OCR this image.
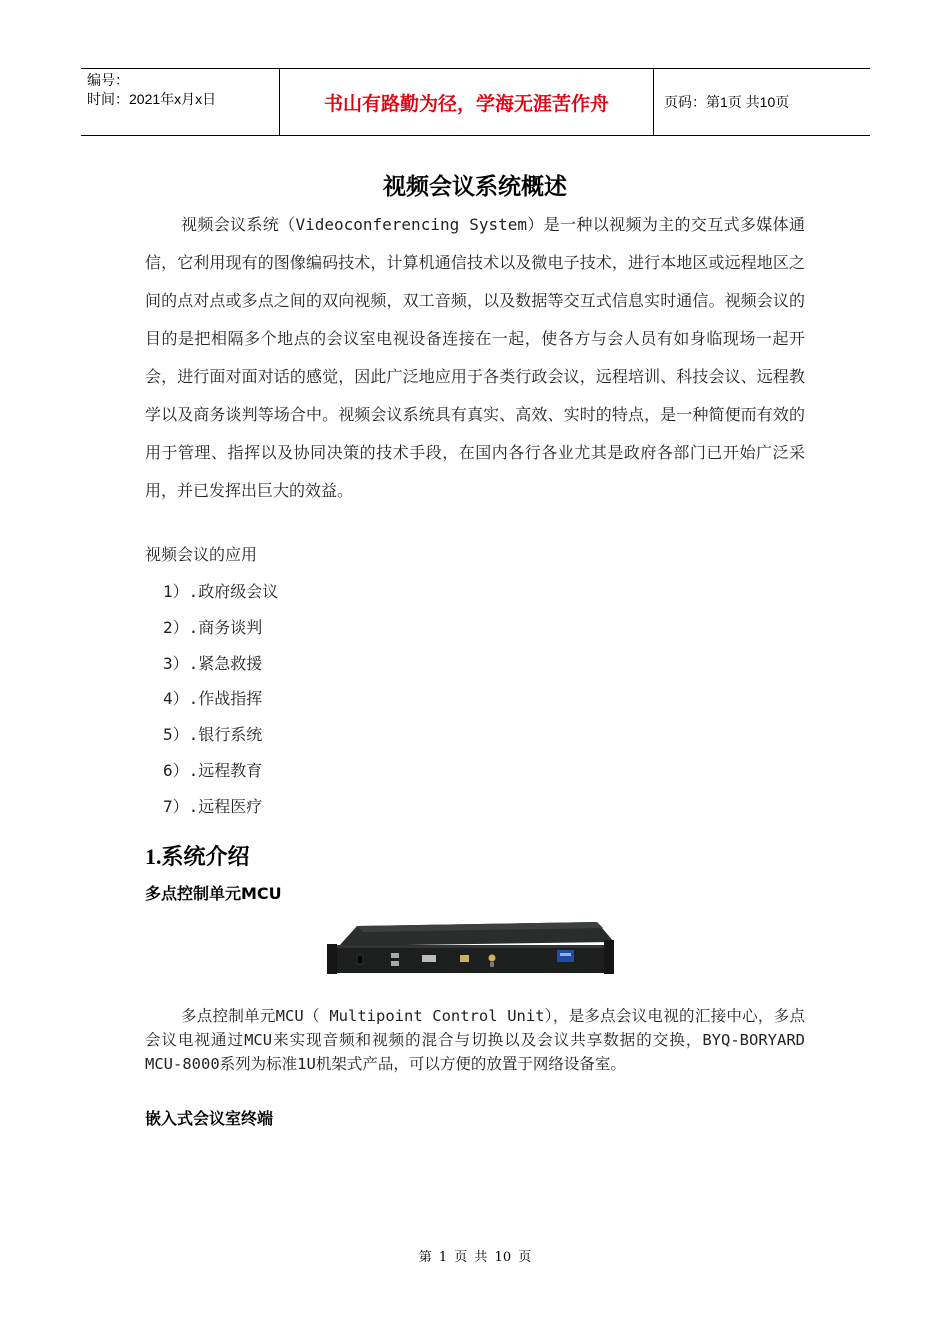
编号：
时间：2021年x月x日	书山有路勤为径，学海无涯苦作舟	页码：第1页 共10页
视频会议系统概述
视频会议系统（Videoconferencing System）是一种以视频为主的交互式多媒体通信，它利用现有的图像编码技术，计算机通信技术以及微电子技术，进行本地区或远程地区之间的点对点或多点之间的双向视频，双工音频，以及数据等交互式信息实时通信。视频会议的目的是把相隔多个地点的会议室电视设备连接在一起，使各方与会人员有如身临现场一起开会，进行面对面对话的感觉，因此广泛地应用于各类行政会议，远程培训、科技会议、远程教学以及商务谈判等场合中。视频会议系统具有真实、高效、实时的特点，是一种简便而有效的用于管理、指挥以及协同决策的技术手段，在国内各行各业尤其是政府各部门已开始广泛采用，并已发挥出巨大的效益。
视频会议的应用
1）.政府级会议
2）.商务谈判
3）.紧急救援
4）.作战指挥
5）.银行系统
6）.远程教育
7）.远程医疗
1.系统介绍
多点控制单元MCU
多点控制单元MCU（ Multipoint Control Unit），是多点会议电视的汇接中心，多点会议电视通过MCU来实现音频和视频的混合与切换以及会议共享数据的交换，BYQ-BORYARD MCU-8000系列为标准1U机架式产品，可以方便的放置于网络设备室。
嵌入式会议室终端
第 1 页 共 10 页
